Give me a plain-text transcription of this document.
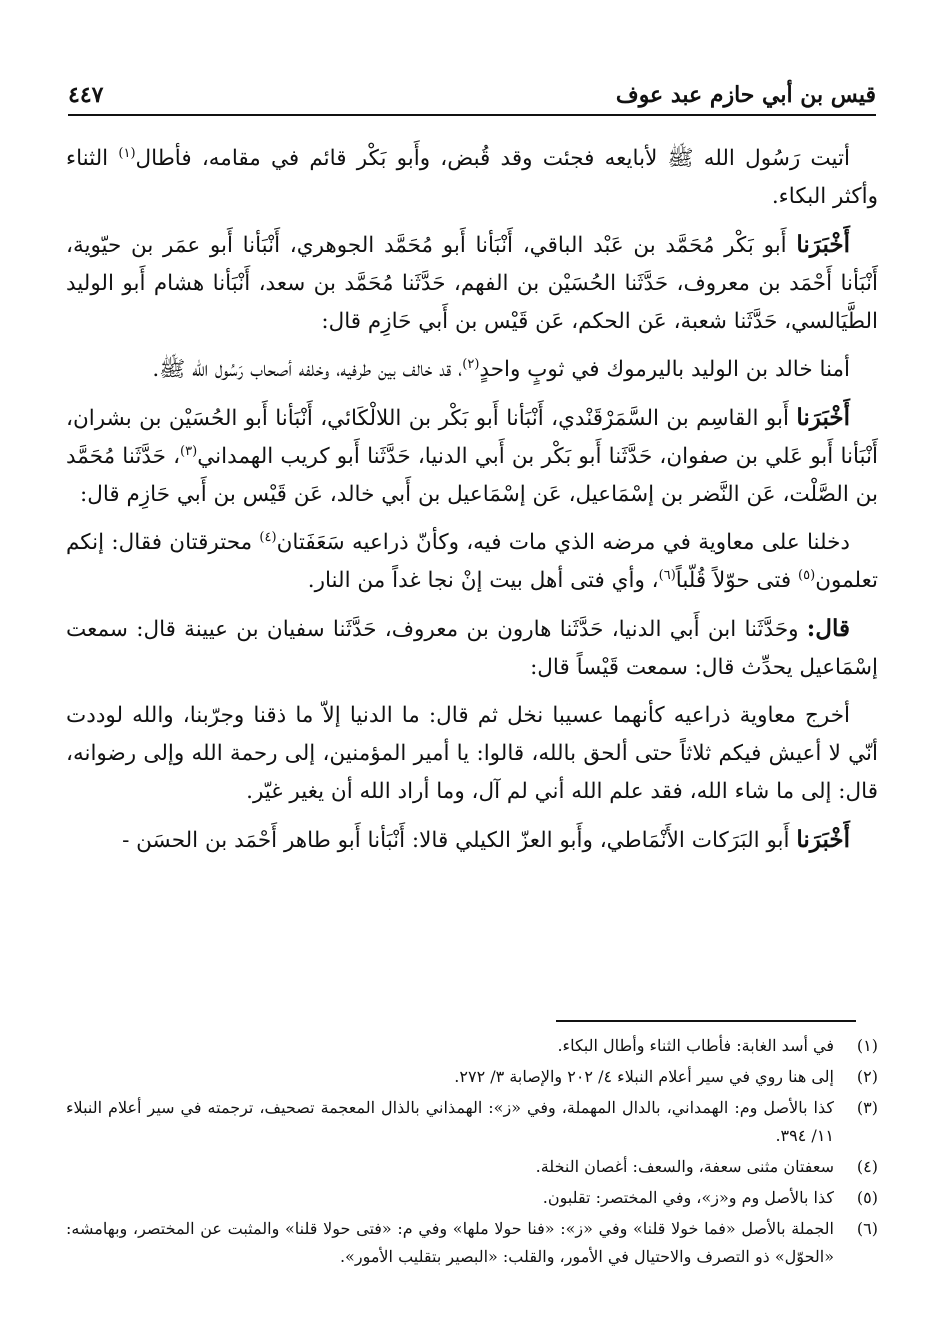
قيس بن أبي حازم عبد عوف
٤٤٧

أتيت رَسُول الله ﷺ لأبايعه فجئت وقد قُبض، وأَبو بَكْر قائم في مقامه، فأطال$^{(١)}$ الثناء وأكثر البكاء.

أَخْبَرَنا أَبو بَكْر مُحَمَّد بن عَبْد الباقي، أَنْبَأنا أَبو مُحَمَّد الجوهري، أَنْبَأنا أَبو عمَر بن حيّوية، أَنْبَأنا أَحْمَد بن معروف، حَدَّثَنا الحُسَيْن بن الفهم، حَدَّثَنا مُحَمَّد بن سعد، أَنْبَأنا هشام أَبو الوليد الطَّيَالسي، حَدَّثَنا شعبة، عَن الحكم، عَن قَيْس بن أَبي حَازِم قال:

أمنا خالد بن الوليد باليرموك في ثوبٍ واحدٍ$^{(٢)}$، قد خالف بين طرفيه، وخلفه أصحاب رَسُول الله ﷺ.

أَخْبَرَنا أَبو القاسِم بن السَّمَرْقَنْدي، أَنْبَأنا أَبو بَكْر بن اللالْكَائي، أَنْبَأنا أَبو الحُسَيْن بن بشران، أَنْبَأنا أَبو عَلي بن صفوان، حَدَّثَنا أَبو بَكْر بن أَبي الدنيا، حَدَّثَنا أَبو كريب الهمداني$^{(٣)}$، حَدَّثَنا مُحَمَّد بن الصَّلْت، عَن النَّضر بن إسْمَاعيل، عَن إسْمَاعيل بن أَبي خالد، عَن قَيْس بن أَبي حَازِم قال:

دخلنا على معاوية في مرضه الذي مات فيه، وكأنّ ذراعيه سَعَفَتان$^{(٤)}$ محترقتان فقال: إنكم تعلمون$^{(٥)}$ فتى حوّلاً قُلّباً$^{(٦)}$، وأي فتى أهل بيت إنْ نجا غداً من النار.

قال: وحَدَّثَنا ابن أَبي الدنيا، حَدَّثَنا هارون بن معروف، حَدَّثَنا سفيان بن عيينة قال: سمعت إسْمَاعيل يحدِّث قال: سمعت قَيْساً قال:

أخرج معاوية ذراعيه كأنهما عسيبا نخل ثم قال: ما الدنيا إلاّ ما ذقنا وجرّبنا، والله لوددت أنّي لا أعيش فيكم ثلاثاً حتى ألحق بالله، قالوا: يا أمير المؤمنين، إلى رحمة الله وإلى رضوانه، قال: إلى ما شاء الله، فقد علم الله أني لم آل، وما أراد الله أن يغير غيّر.

أَخْبَرَنا أَبو البَرَكات الأَنْمَاطي، وأَبو العزّ الكيلي قالا: أَنْبَأنا أَبو طاهر أَحْمَد بن الحسَن -

(١)
في أسد الغابة: فأطاب الثناء وأطال البكاء.
(٢)
إلى هنا روي في سير أعلام النبلاء ٤/ ٢٠٢ والإصابة ٣/ ٢٧٢.
(٣)
كذا بالأصل وم: الهمداني، بالدال المهملة، وفي «ز»: الهمذاني بالذال المعجمة تصحيف، ترجمته في سير أعلام النبلاء ١١/ ٣٩٤.
(٤)
سعفتان مثنى سعفة، والسعف: أغصان النخلة.
(٥)
كذا بالأصل وم و«ز»، وفي المختصر: تقلبون.
(٦)
الجملة بالأصل «فما خولا قلنا» وفي «ز»: «فنا حولا ملها» وفي م: «فتى حولا قلنا» والمثبت عن المختصر، وبهامشه: «الحوّل» ذو التصرف والاحتيال في الأمور، والقلب: «البصير بتقليب الأمور».
